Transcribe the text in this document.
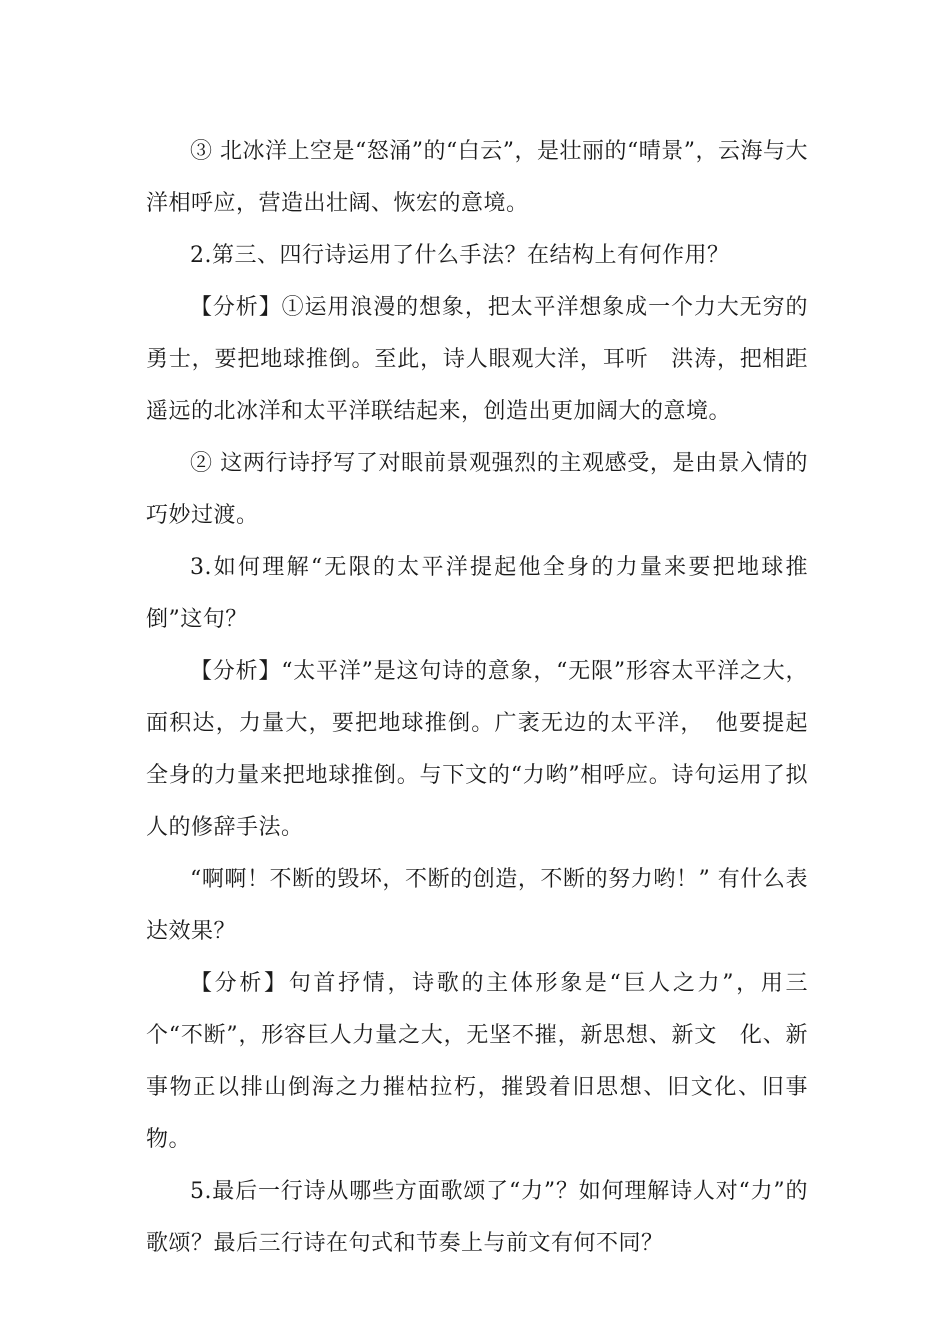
③ 北冰洋上空是“怒涌”的“白云”，是壮丽的“晴景”，云海与大洋相呼应，营造出壮阔、恢宏的意境。

2.第三、四行诗运用了什么手法？在结构上有何作用？

【分析】①运用浪漫的想象，把太平洋想象成一个力大无穷的勇士，要把地球推倒。至此，诗人眼观大洋，耳听　洪涛，把相距遥远的北冰洋和太平洋联结起来，创造出更加阔大的意境。

② 这两行诗抒写了对眼前景观强烈的主观感受，是由景入情的巧妙过渡。

3.如何理解“无限的太平洋提起他全身的力量来要把地球推倒”这句？

【分析】“太平洋”是这句诗的意象，“无限”形容太平洋之大，面积达，力量大，要把地球推倒。广袤无边的太平洋，　他要提起全身的力量来把地球推倒。与下文的“力哟”相呼应。诗句运用了拟人的修辞手法。

“啊啊！不断的毁坏，不断的创造，不断的努力哟！” 有什么表达效果？

【分析】句首抒情，诗歌的主体形象是“巨人之力”，用三个“不断”，形容巨人力量之大，无坚不摧，新思想、新文　化、新事物正以排山倒海之力摧枯拉朽，摧毁着旧思想、旧文化、旧事物。

5.最后一行诗从哪些方面歌颂了“力”？如何理解诗人对“力”的歌颂？最后三行诗在句式和节奏上与前文有何不同？
